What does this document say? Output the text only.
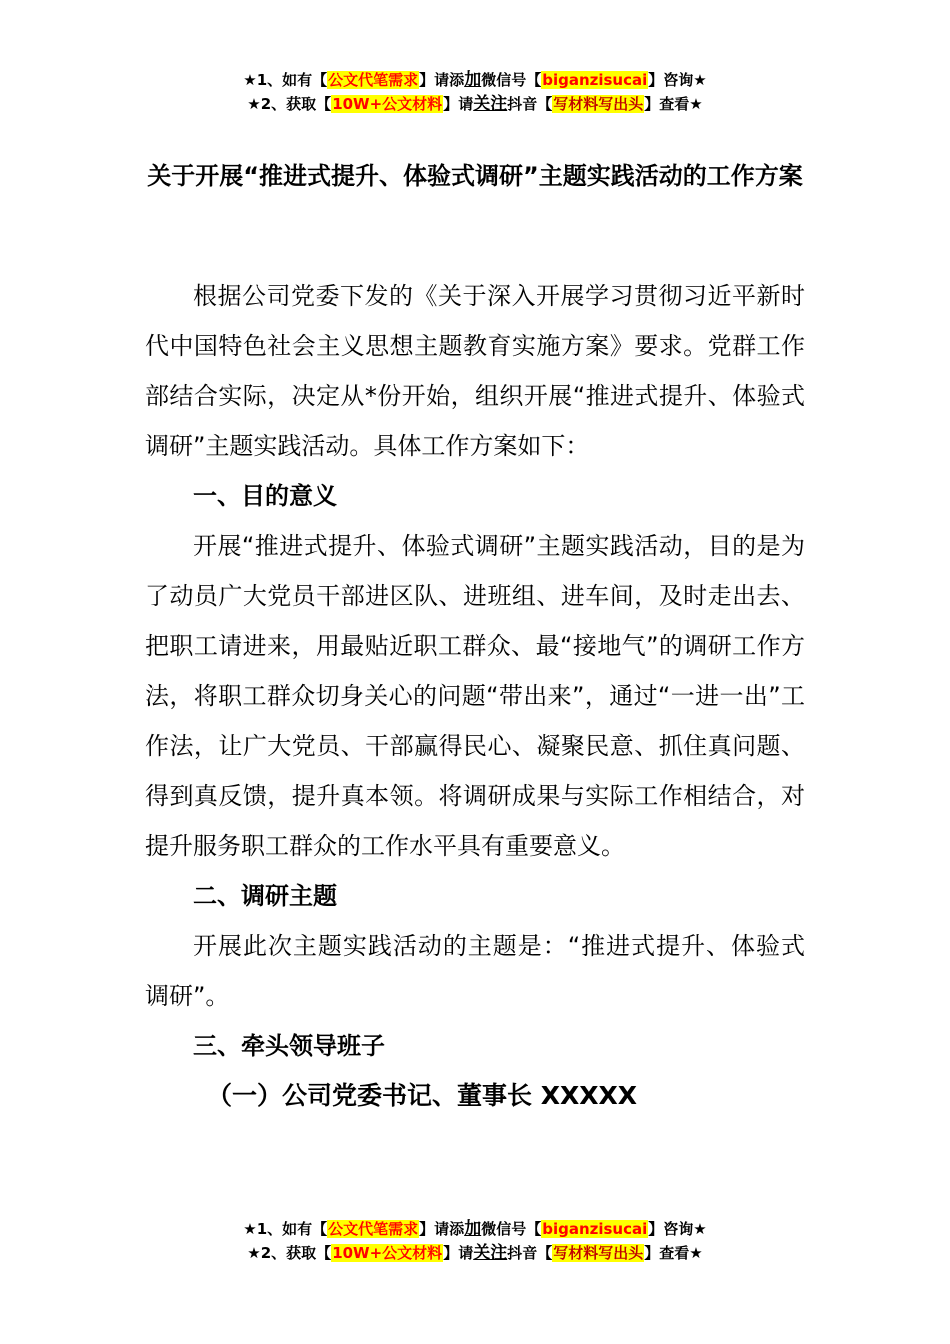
★1、如有【公文代笔需求】请添加微信号【biganzisucai】咨询★
★2、获取【10W+公文材料】请关注抖音【写材料写出头】查看★
关于开展“推进式提升、体验式调研”主题实践活动的工作方案

根据公司党委下发的《关于深入开展学习贯彻习近平新时代中国特色社会主义思想主题教育实施方案》要求。党群工作部结合实际，决定从*份开始，组织开展“推进式提升、体验式调研”主题实践活动。具体工作方案如下：

一、目的意义

开展“推进式提升、体验式调研”主题实践活动，目的是为了动员广大党员干部进区队、进班组、进车间，及时走出去、把职工请进来，用最贴近职工群众、最“接地气”的调研工作方法，将职工群众切身关心的问题“带出来”，通过“一进一出”工作法，让广大党员、干部赢得民心、凝聚民意、抓住真问题、得到真反馈，提升真本领。将调研成果与实际工作相结合，对提升服务职工群众的工作水平具有重要意义。

二、调研主题

开展此次主题实践活动的主题是：“推进式提升、体验式调研”。

三、牵头领导班子

（一）公司党委书记、董事长 XXXXX

★1、如有【公文代笔需求】请添加微信号【biganzisucai】咨询★
★2、获取【10W+公文材料】请关注抖音【写材料写出头】查看★
